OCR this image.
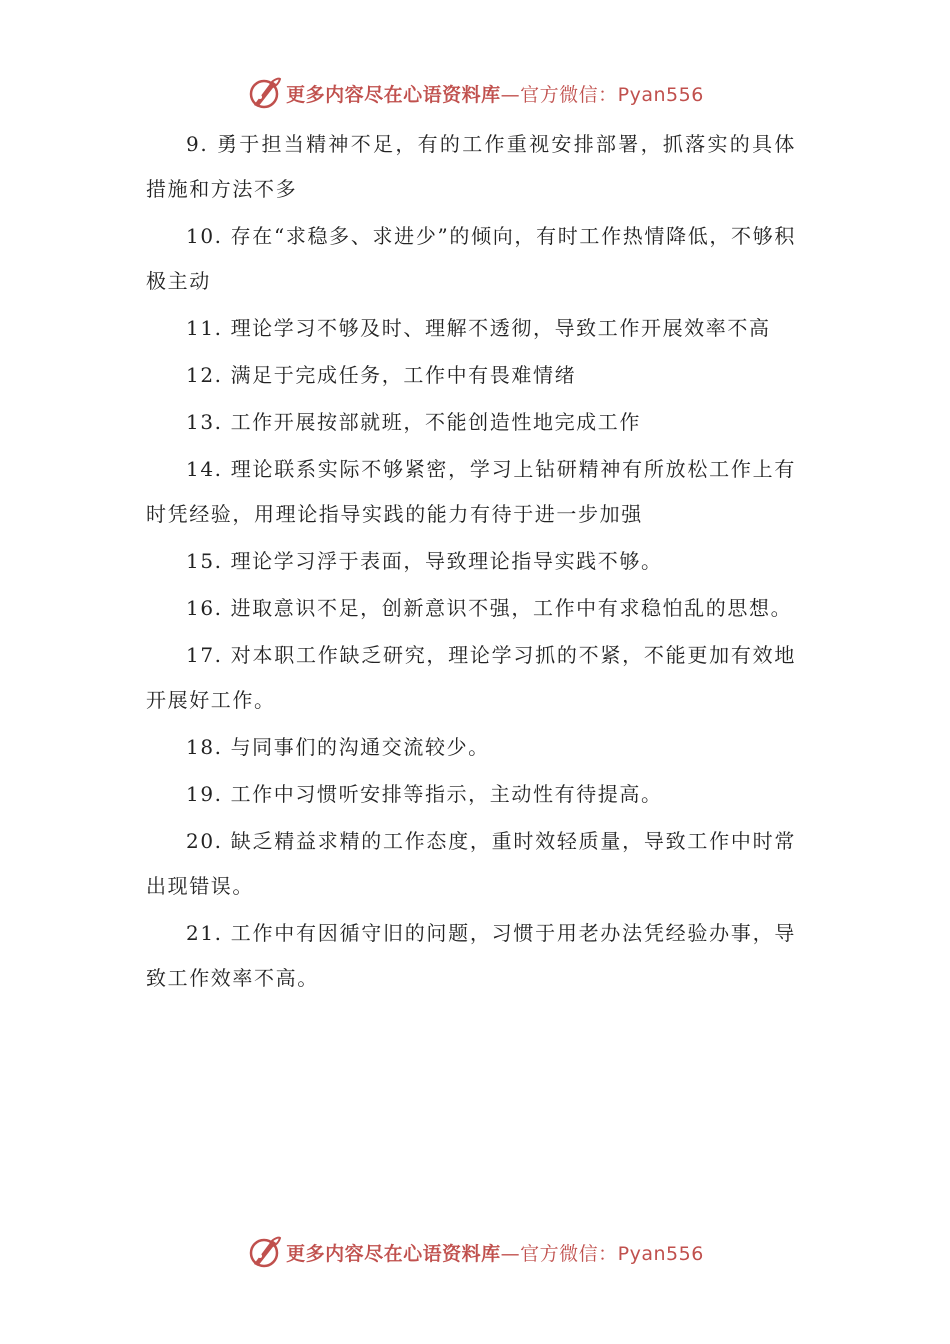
更多内容尽在心语资料库—官方微信：Pyan556

9. 勇于担当精神不足，有的工作重视安排部署，抓落实的具体措施和方法不多

10. 存在“求稳多、求进少”的倾向，有时工作热情降低，不够积极主动

11. 理论学习不够及时、理解不透彻，导致工作开展效率不高

12. 满足于完成任务，工作中有畏难情绪

13. 工作开展按部就班，不能创造性地完成工作

14. 理论联系实际不够紧密，学习上钻研精神有所放松工作上有时凭经验，用理论指导实践的能力有待于进一步加强

15. 理论学习浮于表面，导致理论指导实践不够。

16. 进取意识不足，创新意识不强，工作中有求稳怕乱的思想。

17. 对本职工作缺乏研究，理论学习抓的不紧，不能更加有效地开展好工作。

18. 与同事们的沟通交流较少。

19. 工作中习惯听安排等指示，主动性有待提高。

20. 缺乏精益求精的工作态度，重时效轻质量，导致工作中时常出现错误。

21. 工作中有因循守旧的问题，习惯于用老办法凭经验办事，导致工作效率不高。

更多内容尽在心语资料库—官方微信：Pyan556
